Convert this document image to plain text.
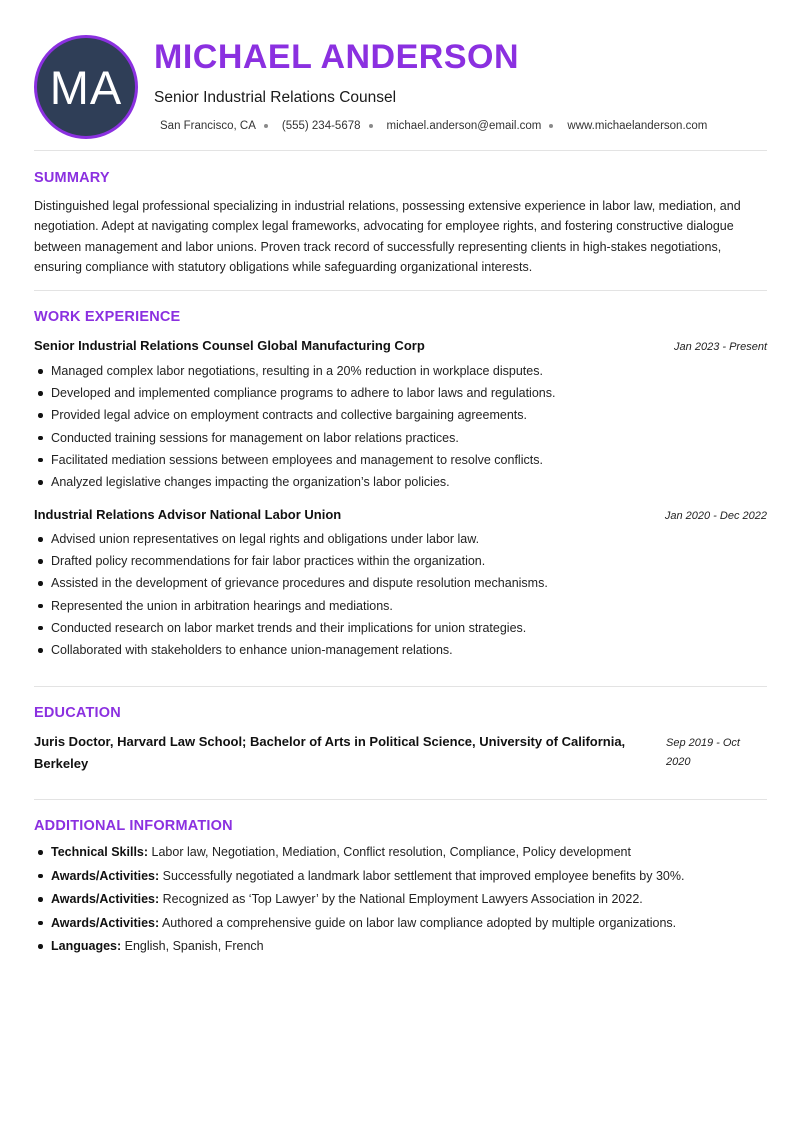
MA
MICHAEL ANDERSON
Senior Industrial Relations Counsel
San Francisco, CA (555) 234-5678 michael.anderson@email.com www.michaelanderson.com
SUMMARY

Distinguished legal professional specializing in industrial relations, possessing extensive experience in labor law, mediation, and negotiation. Adept at navigating complex legal frameworks, advocating for employee rights, and fostering constructive dialogue between management and labor unions. Proven track record of successfully representing clients in high-stakes negotiations, ensuring compliance with statutory obligations while safeguarding organizational interests.

WORK EXPERIENCE
Senior Industrial Relations Counsel Global Manufacturing Corp	Jan 2023 - Present
Managed complex labor negotiations, resulting in a 20% reduction in workplace disputes.
Developed and implemented compliance programs to adhere to labor laws and regulations.
Provided legal advice on employment contracts and collective bargaining agreements.
Conducted training sessions for management on labor relations practices.
Facilitated mediation sessions between employees and management to resolve conflicts.
Analyzed legislative changes impacting the organization’s labor policies.
Industrial Relations Advisor National Labor Union	Jan 2020 - Dec 2022
Advised union representatives on legal rights and obligations under labor law.
Drafted policy recommendations for fair labor practices within the organization.
Assisted in the development of grievance procedures and dispute resolution mechanisms.
Represented the union in arbitration hearings and mediations.
Conducted research on labor market trends and their implications for union strategies.
Collaborated with stakeholders to enhance union-management relations.
EDUCATION

Juris Doctor, Harvard Law School; Bachelor of Arts in Political Science, University of California, Berkeley

Sep 2019 - Oct 2020

ADDITIONAL INFORMATION
Technical Skills: Labor law, Negotiation, Mediation, Conflict resolution, Compliance, Policy development
Awards/Activities: Successfully negotiated a landmark labor settlement that improved employee benefits by 30%.
Awards/Activities: Recognized as ‘Top Lawyer’ by the National Employment Lawyers Association in 2022.
Awards/Activities: Authored a comprehensive guide on labor law compliance adopted by multiple organizations.
Languages: English, Spanish, French
